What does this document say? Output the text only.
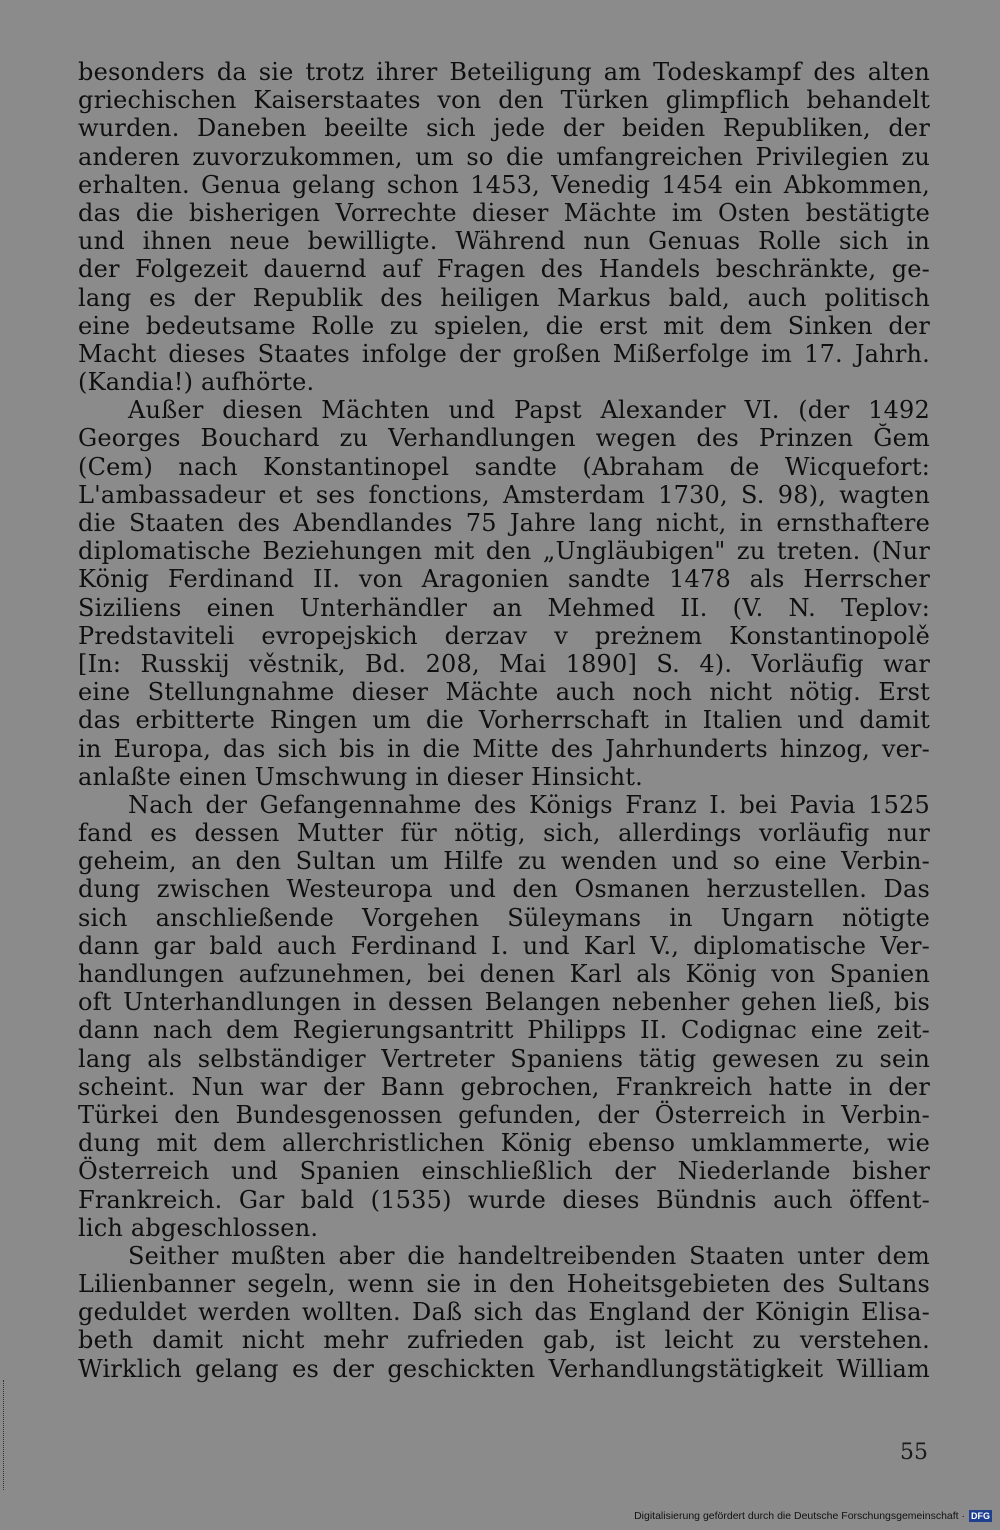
besonders da sie trotz ihrer Beteiligung am Todeskampf des alten
griechischen Kaiserstaates von den Türken glimpflich behandelt
wurden. Daneben beeilte sich jede der beiden Republiken, der
anderen zuvorzukommen, um so die umfangreichen Privilegien zu
erhalten. Genua gelang schon 1453, Venedig 1454 ein Abkommen,
das die bisherigen Vorrechte dieser Mächte im Osten bestätigte
und ihnen neue bewilligte. Während nun Genuas Rolle sich in
der Folgezeit dauernd auf Fragen des Handels beschränkte, ge-
lang es der Republik des heiligen Markus bald, auch politisch
eine bedeutsame Rolle zu spielen, die erst mit dem Sinken der
Macht dieses Staates infolge der großen Mißerfolge im 17. Jahrh.
(Kandia!) aufhörte.
Außer diesen Mächten und Papst Alexander VI. (der 1492
Georges Bouchard zu Verhandlungen wegen des Prinzen Ğem
(Cem) nach Konstantinopel sandte (Abraham de Wicquefort:
L'ambassadeur et ses fonctions, Amsterdam 1730, S. 98), wagten
die Staaten des Abendlandes 75 Jahre lang nicht, in ernsthaftere
diplomatische Beziehungen mit den „Ungläubigen" zu treten. (Nur
König Ferdinand II. von Aragonien sandte 1478 als Herrscher
Siziliens einen Unterhändler an Mehmed II. (V. N. Teplov:
Predstaviteli evropejskich derzav v preżnem Konstantinopolě
[In: Russkij věstnik, Bd. 208, Mai 1890] S. 4). Vorläufig war
eine Stellungnahme dieser Mächte auch noch nicht nötig. Erst
das erbitterte Ringen um die Vorherrschaft in Italien und damit
in Europa, das sich bis in die Mitte des Jahrhunderts hinzog, ver-
anlaßte einen Umschwung in dieser Hinsicht.
Nach der Gefangennahme des Königs Franz I. bei Pavia 1525
fand es dessen Mutter für nötig, sich, allerdings vorläufig nur
geheim, an den Sultan um Hilfe zu wenden und so eine Verbin-
dung zwischen Westeuropa und den Osmanen herzustellen. Das
sich anschließende Vorgehen Süleymans in Ungarn nötigte
dann gar bald auch Ferdinand I. und Karl V., diplomatische Ver-
handlungen aufzunehmen, bei denen Karl als König von Spanien
oft Unterhandlungen in dessen Belangen nebenher gehen ließ, bis
dann nach dem Regierungsantritt Philipps II. Codignac eine zeit-
lang als selbständiger Vertreter Spaniens tätig gewesen zu sein
scheint. Nun war der Bann gebrochen, Frankreich hatte in der
Türkei den Bundesgenossen gefunden, der Österreich in Verbin-
dung mit dem allerchristlichen König ebenso umklammerte, wie
Österreich und Spanien einschließlich der Niederlande bisher
Frankreich. Gar bald (1535) wurde dieses Bündnis auch öffent-
lich abgeschlossen.
Seither mußten aber die handeltreibenden Staaten unter dem
Lilienbanner segeln, wenn sie in den Hoheitsgebieten des Sultans
geduldet werden wollten. Daß sich das England der Königin Elisa-
beth damit nicht mehr zufrieden gab, ist leicht zu verstehen.
Wirklich gelang es der geschickten Verhandlungstätigkeit William
55
Digitalisierung gefördert durch die Deutsche Forschungsgemeinschaft · DFG
